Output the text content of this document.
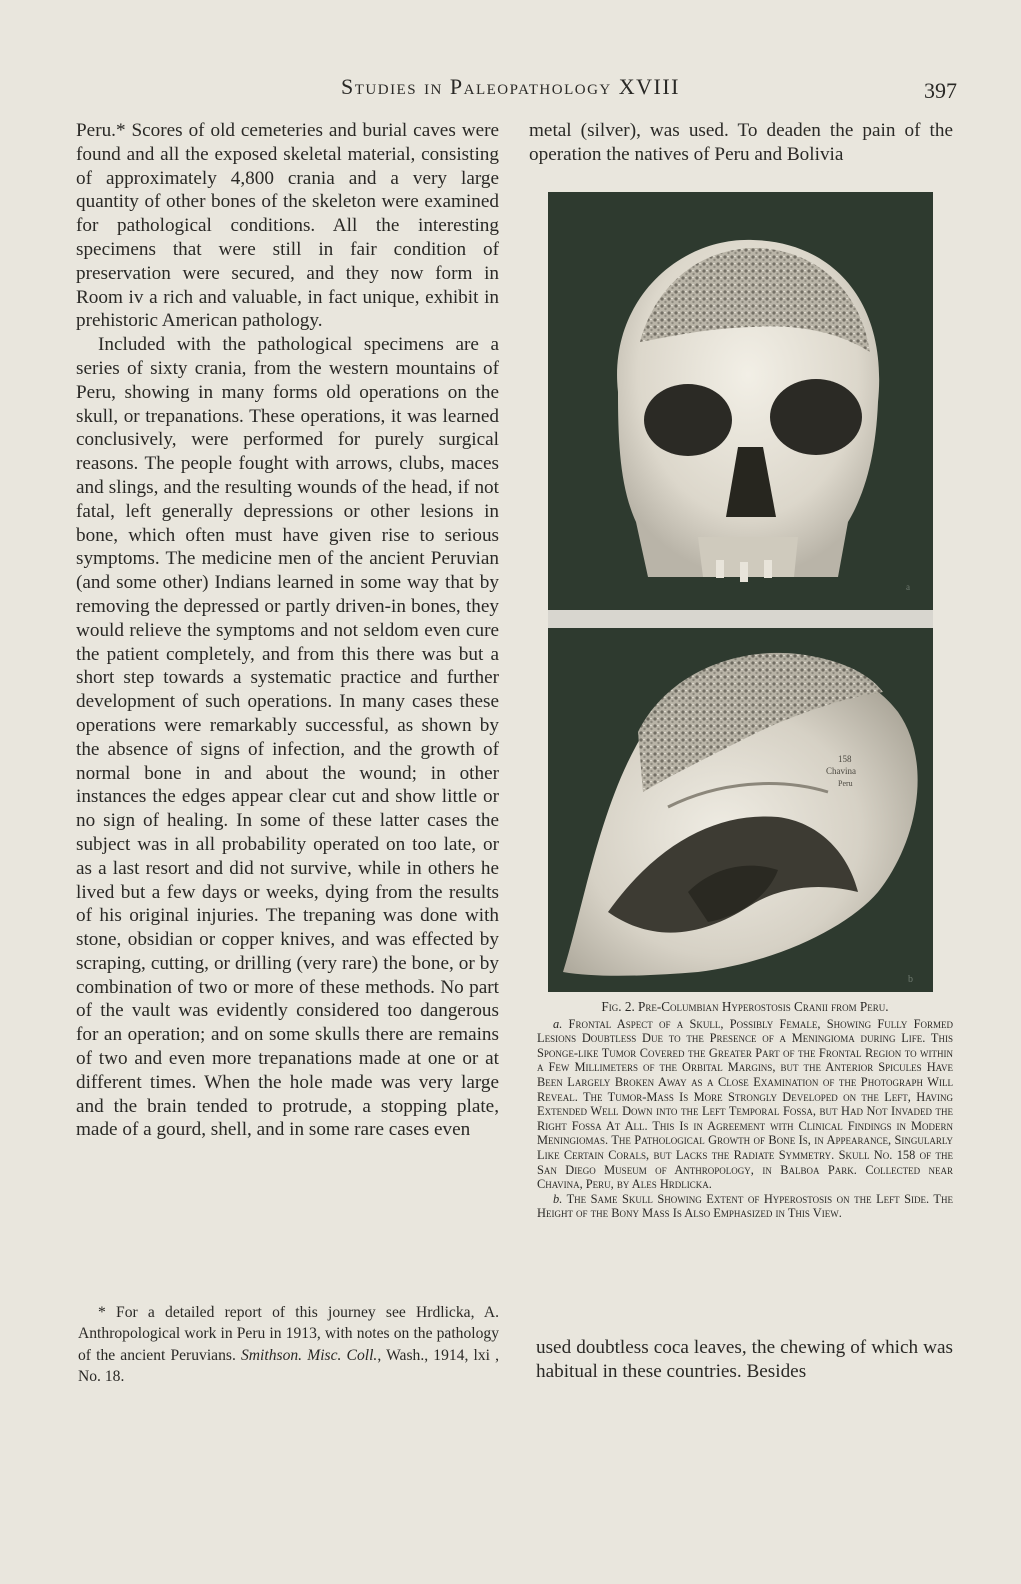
Studies in Paleopathology XVIII	397

Peru.* Scores of old cemeteries and burial caves were found and all the exposed skeletal material, consisting of approximately 4,800 crania and a very large quantity of other bones of the skeleton were examined for pathological conditions. All the interesting specimens that were still in fair condition of preservation were secured, and they now form in Room iv a rich and valuable, in fact unique, exhibit in prehistoric American pathology.

Included with the pathological specimens are a series of sixty crania, from the western mountains of Peru, showing in many forms old operations on the skull, or trepanations. These operations, it was learned conclusively, were performed for purely surgical reasons. The people fought with arrows, clubs, maces and slings, and the resulting wounds of the head, if not fatal, left generally depressions or other lesions in bone, which often must have given rise to serious symptoms. The medicine men of the ancient Peruvian (and some other) Indians learned in some way that by removing the depressed or partly driven-in bones, they would relieve the symptoms and not seldom even cure the patient completely, and from this there was but a short step towards a systematic practice and further development of such operations. In many cases these operations were remarkably successful, as shown by the absence of signs of infection, and the growth of normal bone in and about the wound; in other instances the edges appear clear cut and show little or no sign of healing. In some of these latter cases the subject was in all probability operated on too late, or as a last resort and did not survive, while in others he lived but a few days or weeks, dying from the results of his original injuries. The trepaning was done with stone, obsidian or copper knives, and was effected by scraping, cutting, or drilling (very rare) the bone, or by combination of two or more of these methods. No part of the vault was evidently considered too dangerous for an operation; and on some skulls there are remains of two and even more trepanations made at one or at different times. When the hole made was very large and the brain tended to protrude, a stopping plate, made of a gourd, shell, and in some rare cases even

* For a detailed report of this journey see Hrdlicka, A. Anthropological work in Peru in 1913, with notes on the pathology of the ancient Peruvians. Smithson. Misc. Coll., Wash., 1914, lxi , No. 18.

metal (silver), was used. To deaden the pain of the operation the natives of Peru and Bolivia

a
158
Chavina
Peru
b

Fig. 2. Pre-Columbian Hyperostosis Cranii from Peru.

a. Frontal Aspect of a Skull, Possibly Female, Showing Fully Formed Lesions Doubtless Due to the Presence of a Meningioma during Life. This Sponge-like Tumor Covered the Greater Part of the Frontal Region to within a Few Millimeters of the Orbital Margins, but the Anterior Spicules Have Been Largely Broken Away as a Close Examination of the Photograph Will Reveal. The Tumor-Mass Is More Strongly Developed on the Left, Having Extended Well Down into the Left Temporal Fossa, but Had Not Invaded the Right Fossa At All. This Is in Agreement with Clinical Findings in Modern Meningiomas. The Pathological Growth of Bone Is, in Appearance, Singularly Like Certain Corals, but Lacks the Radiate Symmetry. Skull No. 158 of the San Diego Museum of Anthropology, in Balboa Park. Collected near Chavina, Peru, by Ales Hrdlicka.

b. The Same Skull Showing Extent of Hyperostosis on the Left Side. The Height of the Bony Mass Is Also Emphasized in This View.

used doubtless coca leaves, the chewing of which was habitual in these countries. Besides
